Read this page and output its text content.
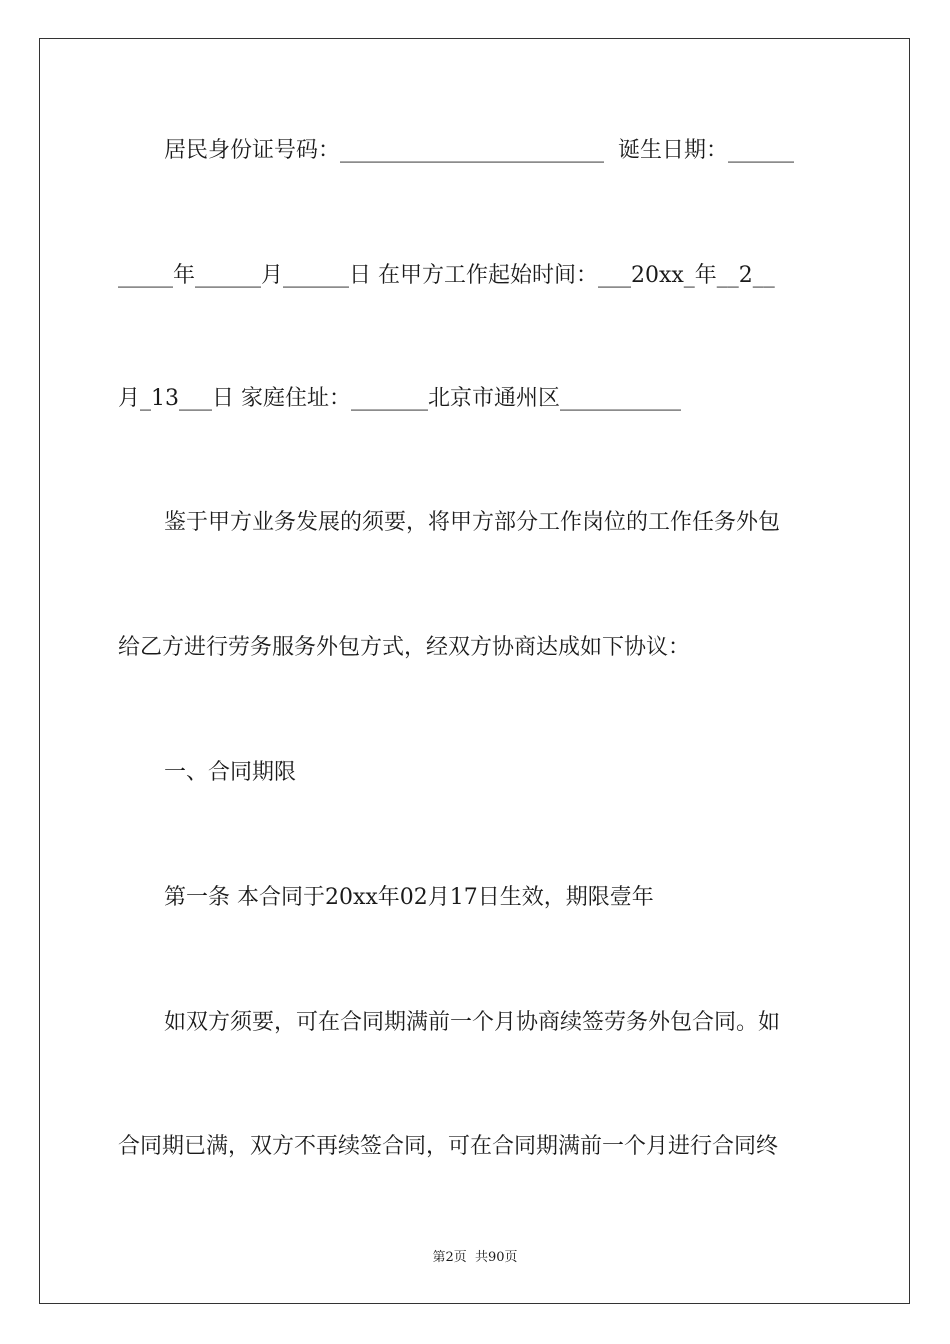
居民身份证号码：________________________  诞生日期：______
_____年______月______日 在甲方工作起始时间：___20xx_年__2__
月_13___日 家庭住址：_______北京市通州区___________
鉴于甲方业务发展的须要，将甲方部分工作岗位的工作任务外包
给乙方进行劳务服务外包方式，经双方协商达成如下协议：
一、合同期限
第一条 本合同于20xx年02月17日生效，期限壹年
如双方须要，可在合同期满前一个月协商续签劳务外包合同。如
合同期已满，双方不再续签合同，可在合同期满前一个月进行合同终
第2页  共90页
